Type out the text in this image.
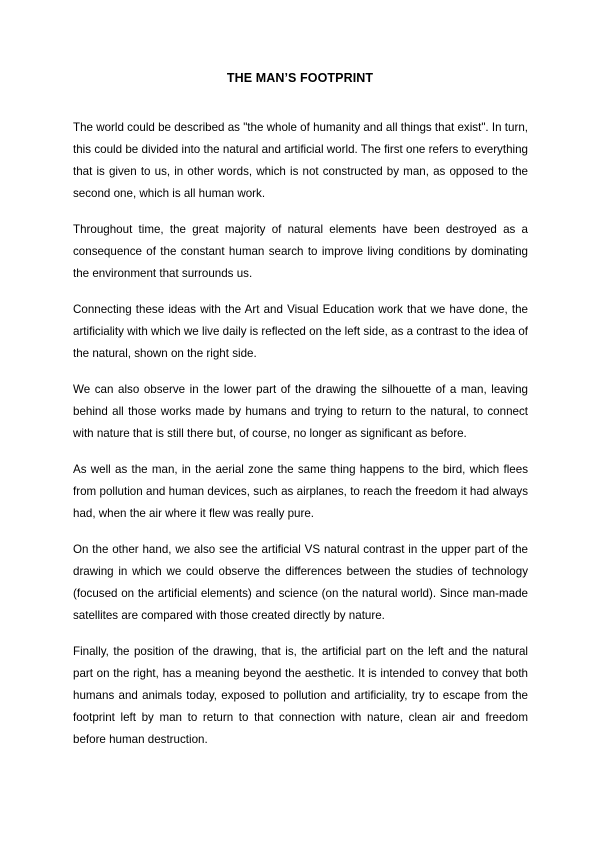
THE MAN’S FOOTPRINT

The world could be described as "the whole of humanity and all things that exist". In turn, this could be divided into the natural and artificial world. The first one refers to everything that is given to us, in other words, which is not constructed by man, as opposed to the second one, which is all human work.

Throughout time, the great majority of natural elements have been destroyed as a consequence of the constant human search to improve living conditions by dominating the environment that surrounds us.

Connecting these ideas with the Art and Visual Education work that we have done, the artificiality with which we live daily is reflected on the left side, as a contrast to the idea of the natural, shown on the right side.

We can also observe in the lower part of the drawing the silhouette of a man, leaving behind all those works made by humans and trying to return to the natural, to connect with nature that is still there but, of course, no longer as significant as before.

As well as the man, in the aerial zone the same thing happens to the bird, which flees from pollution and human devices, such as airplanes, to reach the freedom it had always had, when the air where it flew was really pure.

On the other hand, we also see the artificial VS natural contrast in the upper part of the drawing in which we could observe the differences between the studies of technology (focused on the artificial elements) and science (on the natural world). Since man-made satellites are compared with those created directly by nature.

Finally, the position of the drawing, that is, the artificial part on the left and the natural part on the right, has a meaning beyond the aesthetic. It is intended to convey that both humans and animals today, exposed to pollution and artificiality, try to escape from the footprint left by man to return to that connection with nature, clean air and freedom before human destruction.
